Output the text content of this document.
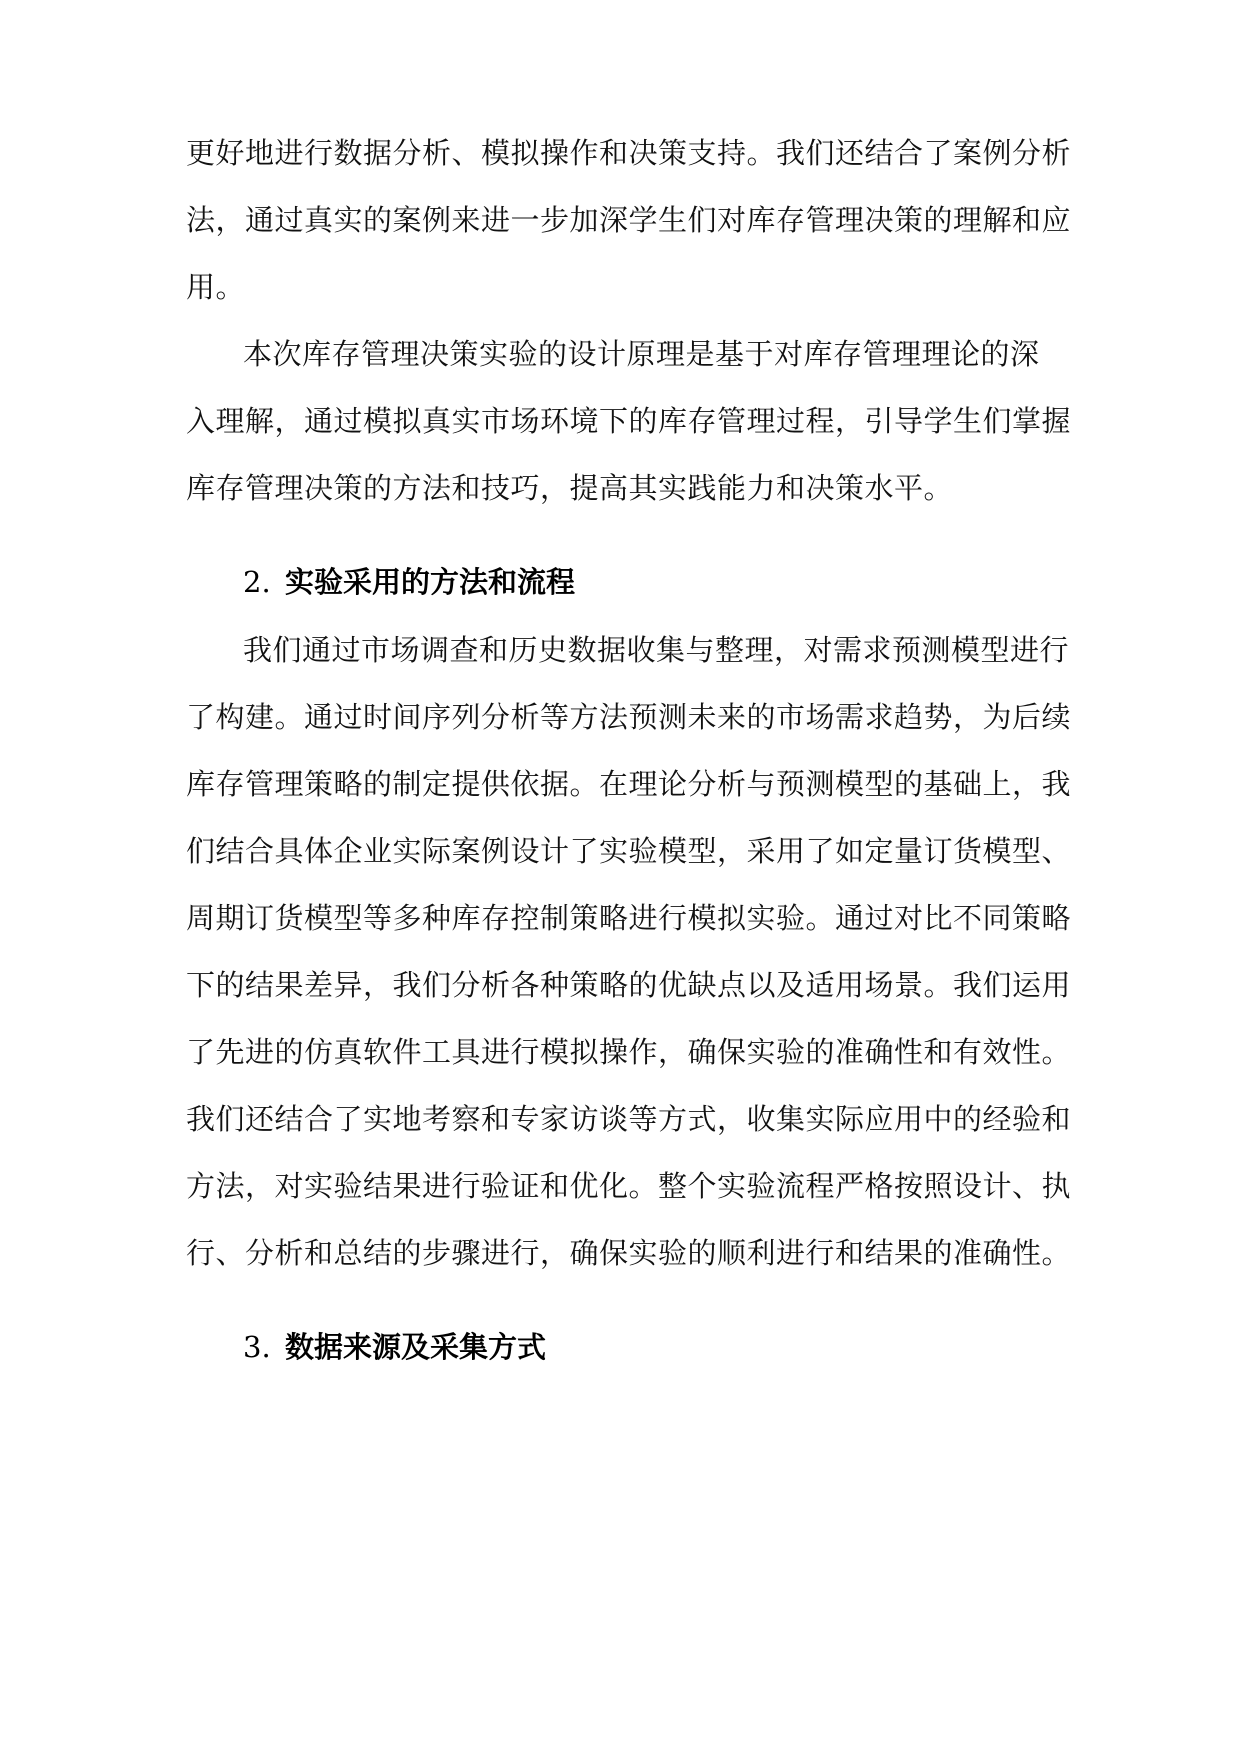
更好地进行数据分析、模拟操作和决策支持。我们还结合了案例分析

法，通过真实的案例来进一步加深学生们对库存管理决策的理解和应

用。

本次库存管理决策实验的设计原理是基于对库存管理理论的深

入理解，通过模拟真实市场环境下的库存管理过程，引导学生们掌握

库存管理决策的方法和技巧，提高其实践能力和决策水平。

2. 实验采用的方法和流程

我们通过市场调查和历史数据收集与整理，对需求预测模型进行

了构建。通过时间序列分析等方法预测未来的市场需求趋势，为后续

库存管理策略的制定提供依据。在理论分析与预测模型的基础上，我

们结合具体企业实际案例设计了实验模型，采用了如定量订货模型、

周期订货模型等多种库存控制策略进行模拟实验。通过对比不同策略

下的结果差异，我们分析各种策略的优缺点以及适用场景。我们运用

了先进的仿真软件工具进行模拟操作，确保实验的准确性和有效性。

我们还结合了实地考察和专家访谈等方式，收集实际应用中的经验和

方法，对实验结果进行验证和优化。整个实验流程严格按照设计、执

行、分析和总结的步骤进行，确保实验的顺利进行和结果的准确性。

3. 数据来源及采集方式
